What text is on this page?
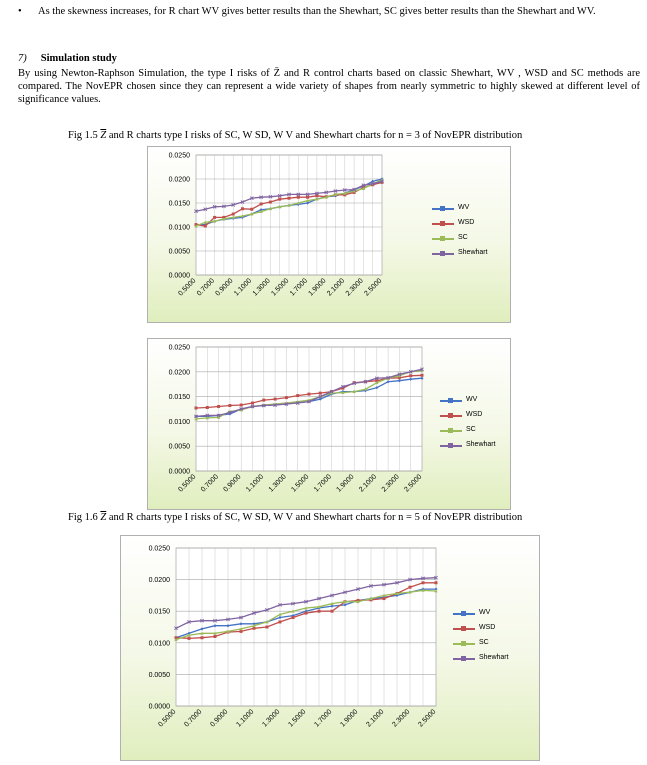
• As the skewness increases, for R chart WV gives better results than the Shewhart, SC gives better results than the Shewhart and WV.
7) Simulation study
By using Newton-Raphson Simulation, the type I risks of Z̄ and R control charts based on classic Shewhart, WV , WSD and SC methods are compared. The NovEPR chosen since they can represent a wide variety of shapes from nearly symmetric to highly skewed at different level of significance values.
Fig 1.5 $\overline{Z}$ and R charts type I risks of SC, W SD, W V and Shewhart charts for n = 3 of NovEPR distribution
0.0000
0.0050
0.0100
0.0150
0.0200
0.0250
0.5000
0.7000
0.9000
1.1000
1.3000
1.5000
1.7000
1.9000
2.1000
2.3000
2.5000
WV
WSD
SC
Shewhart
0.0000
0.0050
0.0100
0.0150
0.0200
0.0250
0.5000 0.7000 0.9000 1.1000 1.3000 1.5000 1.7000 1.9000 2.1000 2.3000 2.5000
WV
WSD
SC
Shewhart
Fig 1.6 $\overline{Z}$ and R charts type I risks of SC, W SD, W V and Shewhart charts for n = 5 of NovEPR distribution
0.0000
0.0050
0.0100
0.0150
0.0200
0.0250
0.5000 0.7000 0.9000 1.1000 1.3000 1.5000 1.7000 1.9000 2.1000 2.3000 2.5000
WV
WSD
SC
Shewhart
